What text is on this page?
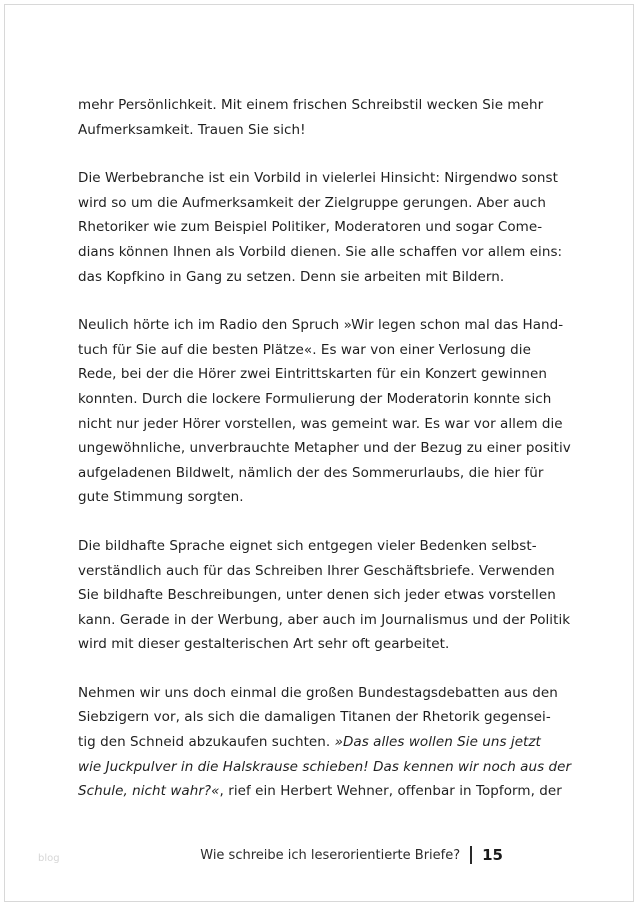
mehr Persönlichkeit. Mit einem frischen Schreibstil wecken Sie mehr
Aufmerksamkeit. Trauen Sie sich!

Die Werbebranche ist ein Vorbild in vielerlei Hinsicht: Nirgendwo sonst
wird so um die Aufmerksamkeit der Zielgruppe gerungen. Aber auch
Rhetoriker wie zum Beispiel Politiker, Moderatoren und sogar Come-
dians können Ihnen als Vorbild dienen. Sie alle schaffen vor allem eins:
das Kopfkino in Gang zu setzen. Denn sie arbeiten mit Bildern.

Neulich hörte ich im Radio den Spruch »Wir legen schon mal das Hand-
tuch für Sie auf die besten Plätze«. Es war von einer Verlosung die
Rede, bei der die Hörer zwei Eintrittskarten für ein Konzert gewinnen
konnten. Durch die lockere Formulierung der Moderatorin konnte sich
nicht nur jeder Hörer vorstellen, was gemeint war. Es war vor allem die
ungewöhnliche, unverbrauchte Metapher und der Bezug zu einer positiv
aufgeladenen Bildwelt, nämlich der des Sommerurlaubs, die hier für
gute Stimmung sorgten.

Die bildhafte Sprache eignet sich entgegen vieler Bedenken selbst-
verständlich auch für das Schreiben Ihrer Geschäftsbriefe. Verwenden
Sie bildhafte Beschreibungen, unter denen sich jeder etwas vorstellen
kann. Gerade in der Werbung, aber auch im Journalismus und der Politik
wird mit dieser gestalterischen Art sehr oft gearbeitet.

Nehmen wir uns doch einmal die großen Bundestagsdebatten aus den
Siebzigern vor, als sich die damaligen Titanen der Rhetorik gegensei-
tig den Schneid abzukaufen suchten. »Das alles wollen Sie uns jetzt
wie Juckpulver in die Halskrause schieben! Das kennen wir noch aus der
Schule, nicht wahr?«, rief ein Herbert Wehner, offenbar in Topform, der

Wie schreibe ich leserorientierte Briefe? 15
blog
